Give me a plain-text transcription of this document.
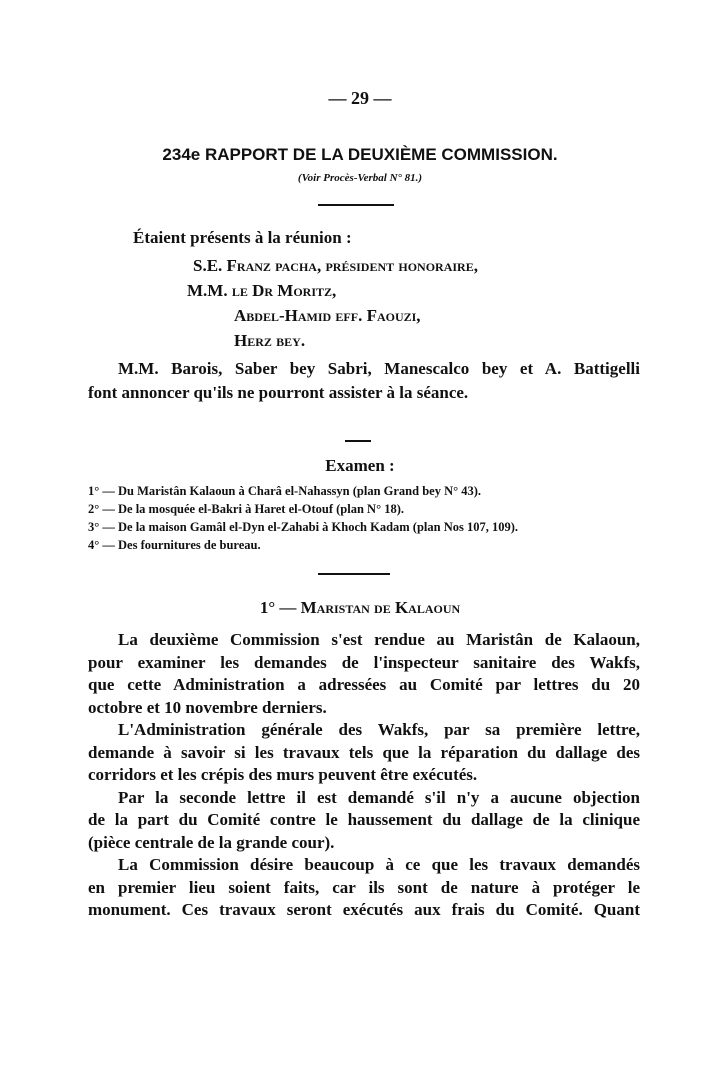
— 29 —
234e RAPPORT DE LA DEUXIÈME COMMISSION.
(Voir Procès-Verbal N° 81.)
Étaient présents à la réunion :
S.E. Franz pacha, président honoraire,
M.M. le Dr Moritz,
Abdel-Hamid eff. Faouzi,
Herz bey.
M.M. Barois, Saber bey Sabri, Manescalco bey et A. Battigelli
font annoncer qu'ils ne pourront assister à la séance.
Examen :
1° — Du Maristân Kalaoun à Charâ el-Nahassyn (plan Grand bey N° 43).
2° — De la mosquée el-Bakri à Haret el-Otouf (plan N° 18).
3° — De la maison Gamâl el-Dyn el-Zahabi à Khoch Kadam (plan Nos 107, 109).
4° — Des fournitures de bureau.
1° — Maristan de Kalaoun
La deuxième Commission s'est rendue au Maristân de Kalaoun,
pour examiner les demandes de l'inspecteur sanitaire des Wakfs,
que cette Administration a adressées au Comité par lettres du 20
octobre et 10 novembre derniers.
L'Administration générale des Wakfs, par sa première lettre,
demande à savoir si les travaux tels que la réparation du dallage des
corridors et les crépis des murs peuvent être exécutés.
Par la seconde lettre il est demandé s'il n'y a aucune objection
de la part du Comité contre le haussement du dallage de la clinique
(pièce centrale de la grande cour).
La Commission désire beaucoup à ce que les travaux demandés
en premier lieu soient faits, car ils sont de nature à protéger le
monument. Ces travaux seront exécutés aux frais du Comité. Quant
